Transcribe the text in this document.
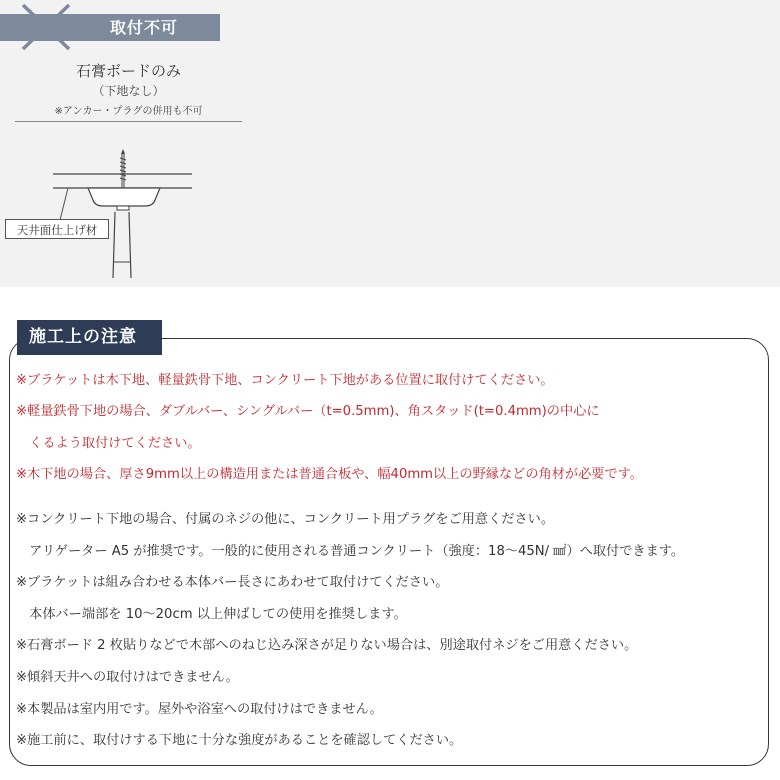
取付不可
石膏ボードのみ
（下地なし）
※アンカー・プラグの併用も不可
天井面仕上げ材
施工上の注意
※ブラケットは木下地、軽量鉄骨下地、コンクリート下地がある位置に取付けてください。
※軽量鉄骨下地の場合、ダブルバー、シングルバー（t=0.5mm)、角スタッド(t=0.4mm)の中心に
　くるよう取付けてください。
※木下地の場合、厚さ9mm以上の構造用または普通合板や、幅40mm以上の野縁などの角材が必要です。
※コンクリート下地の場合、付属のネジの他に、コンクリート用プラグをご用意ください。
　アリゲーター A5 が推奨です。一般的に使用される普通コンクリート（強度：18〜45N/ ㎟）へ取付できます。
※ブラケットは組み合わせる本体バー長さにあわせて取付けてください。
　本体バー端部を 10〜20cm 以上伸ばしての使用を推奨します。
※石膏ボード 2 枚貼りなどで木部へのねじ込み深さが足りない場合は、別途取付ネジをご用意ください。
※傾斜天井への取付けはできません。
※本製品は室内用です。屋外や浴室への取付けはできません。
※施工前に、取付けする下地に十分な強度があることを確認してください。
